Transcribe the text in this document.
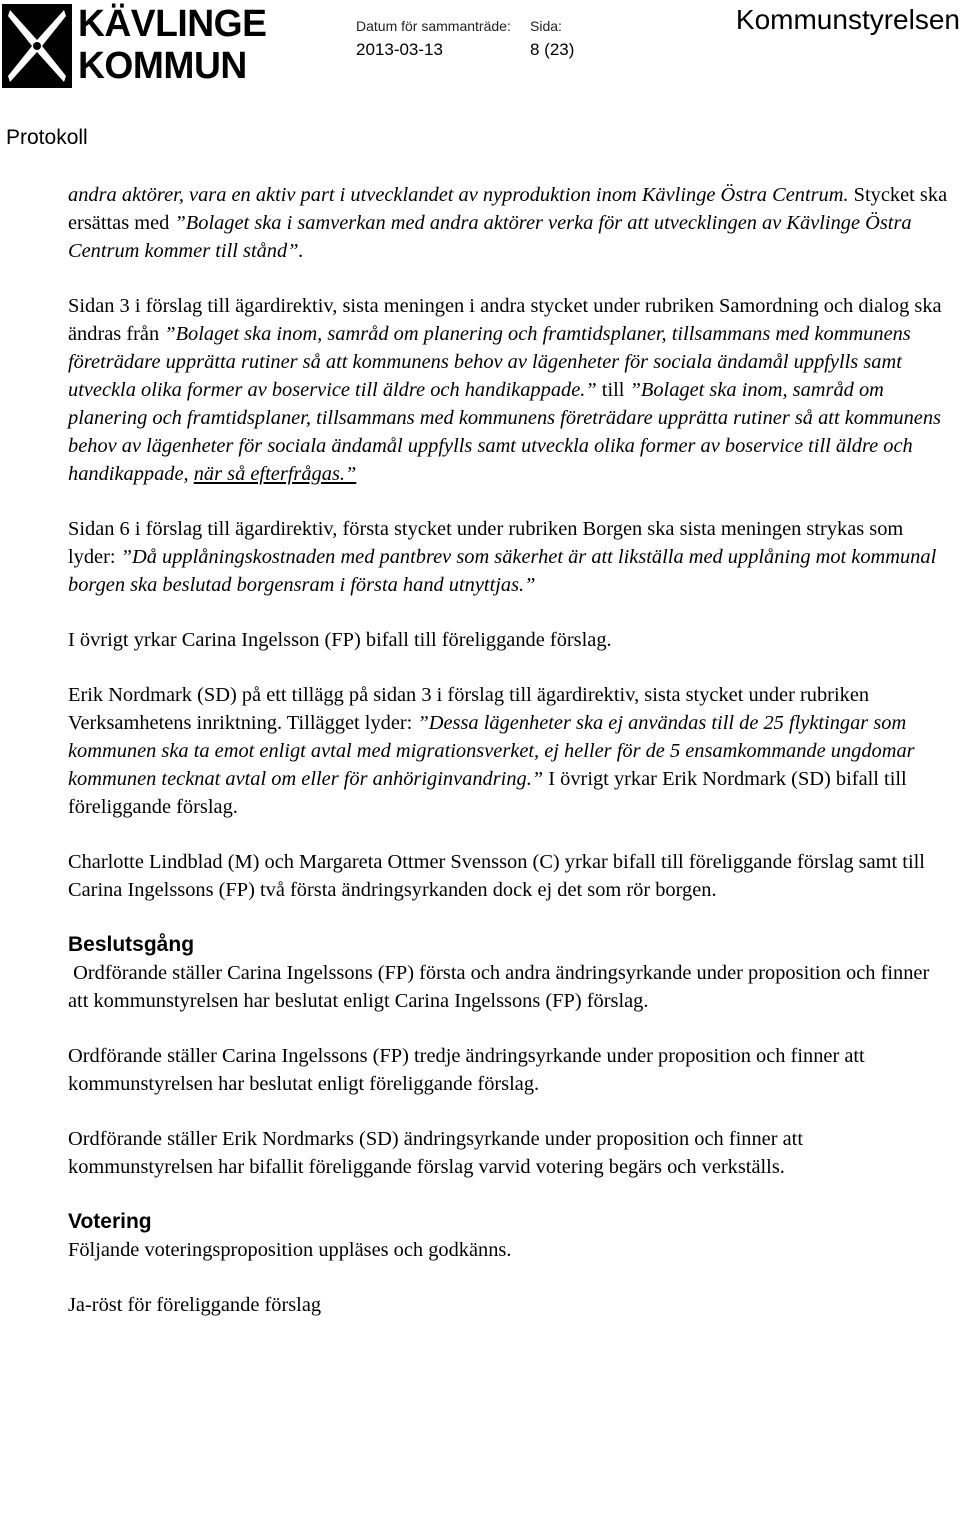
KÄVLINGE
KOMMUN
Datum för sammanträde:
2013-03-13
Sida:
8 (23)
Kommunstyrelsen
Protokoll

andra aktörer, vara en aktiv part i utvecklandet av nyproduktion inom Kävlinge Östra Centrum. Stycket ska ersättas med ”Bolaget ska i samverkan med andra aktörer verka för att utvecklingen av Kävlinge Östra Centrum kommer till stånd”.

Sidan 3 i förslag till ägardirektiv, sista meningen i andra stycket under rubriken Samordning och dialog ska ändras från ”Bolaget ska inom, samråd om planering och framtidsplaner, tillsammans med kommunens företrädare upprätta rutiner så att kommunens behov av lägenheter för sociala ändamål uppfylls samt utveckla olika former av boservice till äldre och handikappade.” till ”Bolaget ska inom, samråd om planering och framtidsplaner, tillsammans med kommunens företrädare upprätta rutiner så att kommunens behov av lägenheter för sociala ändamål uppfylls samt utveckla olika former av boservice till äldre och handikappade, när så efterfrågas.”

Sidan 6 i förslag till ägardirektiv, första stycket under rubriken Borgen ska sista meningen strykas som lyder: ”Då upplåningskostnaden med pantbrev som säkerhet är att likställa med upplåning mot kommunal borgen ska beslutad borgensram i första hand utnyttjas.”

I övrigt yrkar Carina Ingelsson (FP) bifall till föreliggande förslag.

Erik Nordmark (SD) på ett tillägg på sidan 3 i förslag till ägardirektiv, sista stycket under rubriken Verksamhetens inriktning. Tillägget lyder: ”Dessa lägenheter ska ej användas till de 25 flyktingar som kommunen ska ta emot enligt avtal med migrationsverket, ej heller för de 5 ensamkommande ungdomar kommunen tecknat avtal om eller för anhöriginvandring.” I övrigt yrkar Erik Nordmark (SD) bifall till föreliggande förslag.

Charlotte Lindblad (M) och Margareta Ottmer Svensson (C) yrkar bifall till föreliggande förslag samt till Carina Ingelssons (FP) två första ändringsyrkanden dock ej det som rör borgen.

Beslutsgång

Ordförande ställer Carina Ingelssons (FP) första och andra ändringsyrkande under proposition och finner att kommunstyrelsen har beslutat enligt Carina Ingelssons (FP) förslag.

Ordförande ställer Carina Ingelssons (FP) tredje ändringsyrkande under proposition och finner att kommunstyrelsen har beslutat enligt föreliggande förslag.

Ordförande ställer Erik Nordmarks (SD) ändringsyrkande under proposition och finner att kommunstyrelsen har bifallit föreliggande förslag varvid votering begärs och verkställs.

Votering

Följande voteringsproposition uppläses och godkänns.

Ja-röst för föreliggande förslag
